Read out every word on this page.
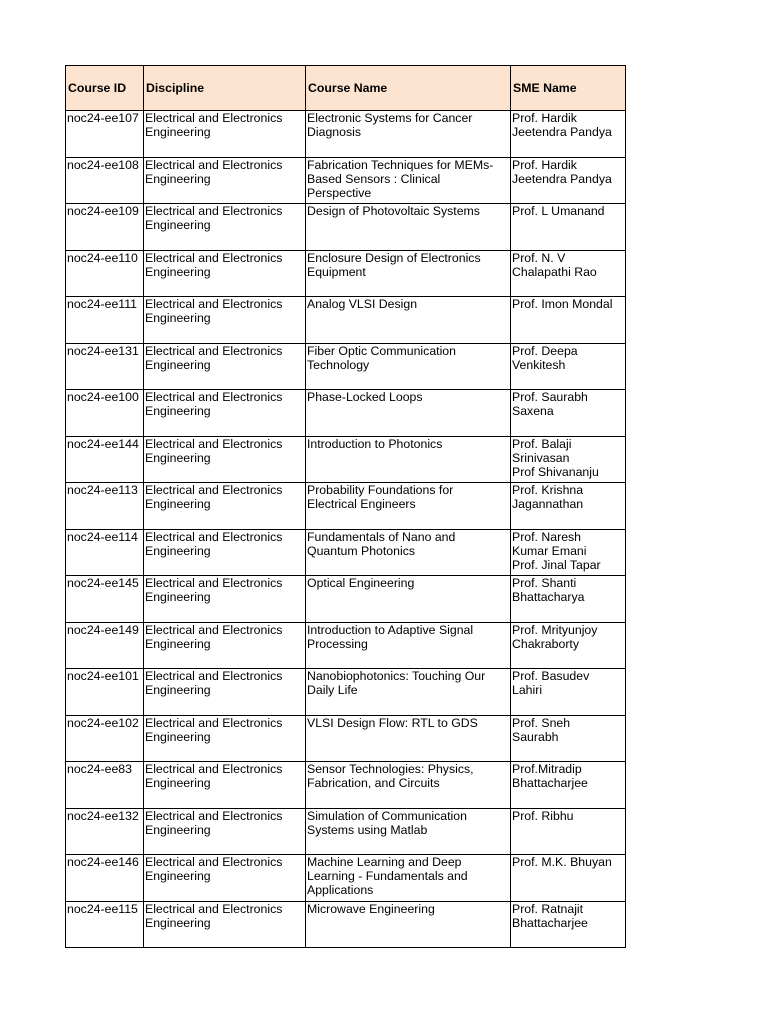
Course ID	Discipline	Course Name	SME Name
noc24-ee107	Electrical and Electronics
Engineering	Electronic Systems for Cancer
Diagnosis	Prof. Hardik
Jeetendra Pandya
noc24-ee108	Electrical and Electronics
Engineering	Fabrication Techniques for MEMs-
Based Sensors : Clinical
Perspective	Prof. Hardik
Jeetendra Pandya
noc24-ee109	Electrical and Electronics
Engineering	Design of Photovoltaic Systems	Prof. L Umanand
noc24-ee110	Electrical and Electronics
Engineering	Enclosure Design of Electronics
Equipment	Prof. N. V
Chalapathi Rao
noc24-ee111	Electrical and Electronics
Engineering	Analog VLSI Design	Prof. Imon Mondal
noc24-ee131	Electrical and Electronics
Engineering	Fiber Optic Communication
Technology	Prof. Deepa
Venkitesh
noc24-ee100	Electrical and Electronics
Engineering	Phase-Locked Loops	Prof. Saurabh
Saxena
noc24-ee144	Electrical and Electronics
Engineering	Introduction to Photonics	Prof. Balaji
Srinivasan
Prof Shivananju
noc24-ee113	Electrical and Electronics
Engineering	Probability Foundations for
Electrical Engineers	Prof. Krishna
Jagannathan
noc24-ee114	Electrical and Electronics
Engineering	Fundamentals of Nano and
Quantum Photonics	Prof. Naresh
Kumar Emani
Prof. Jinal Tapar
noc24-ee145	Electrical and Electronics
Engineering	Optical Engineering	Prof. Shanti
Bhattacharya
noc24-ee149	Electrical and Electronics
Engineering	Introduction to Adaptive Signal
Processing	Prof. Mrityunjoy
Chakraborty
noc24-ee101	Electrical and Electronics
Engineering	Nanobiophotonics: Touching Our
Daily Life	Prof. Basudev
Lahiri
noc24-ee102	Electrical and Electronics
Engineering	VLSI Design Flow: RTL to GDS	Prof. Sneh
Saurabh
noc24-ee83	Electrical and Electronics
Engineering	Sensor Technologies: Physics,
Fabrication, and Circuits	Prof.Mitradip
Bhattacharjee
noc24-ee132	Electrical and Electronics
Engineering	Simulation of Communication
Systems using Matlab	Prof. Ribhu
noc24-ee146	Electrical and Electronics
Engineering	Machine Learning and Deep
Learning - Fundamentals and
Applications	Prof. M.K. Bhuyan
noc24-ee115	Electrical and Electronics
Engineering	Microwave Engineering	Prof. Ratnajit
Bhattacharjee
